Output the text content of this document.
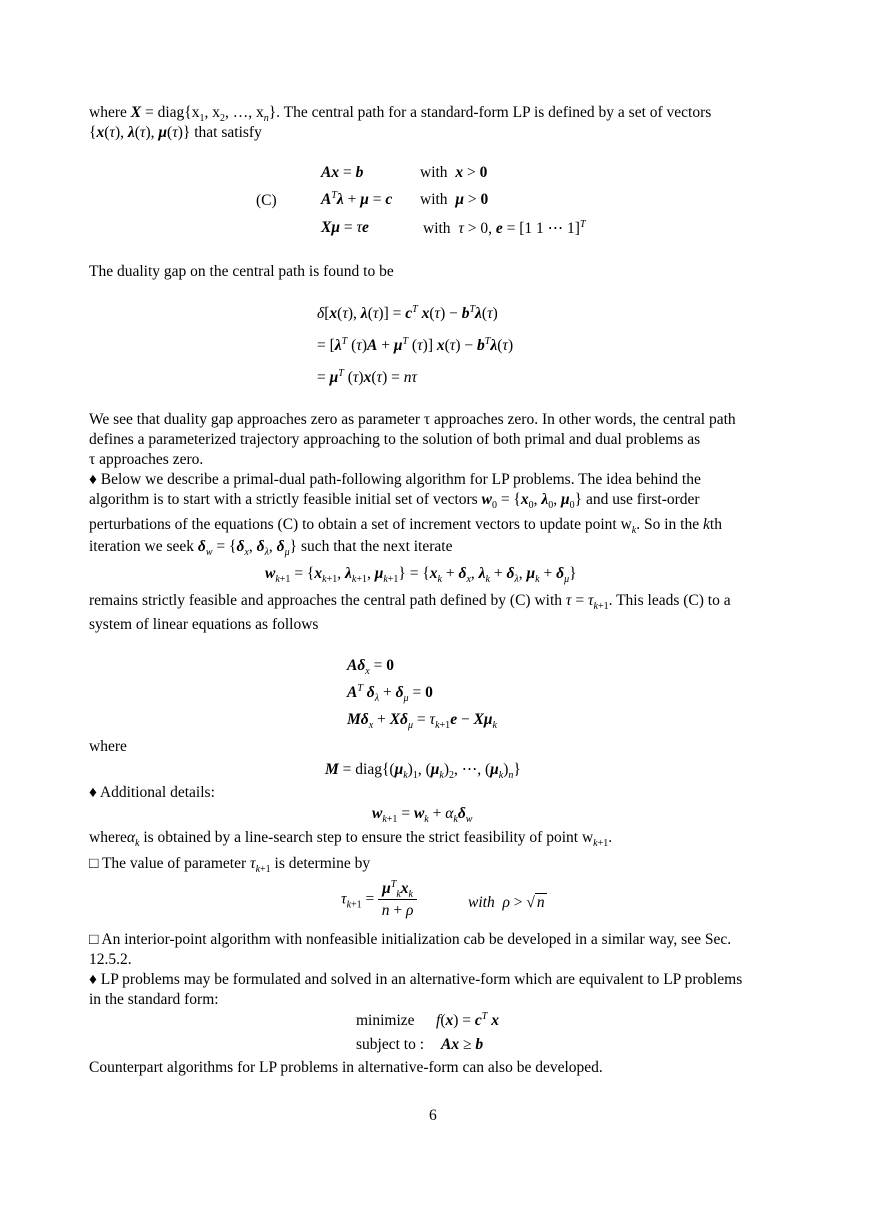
where $X = diag\{x_1$, $x_2$, …, $x_n$}. The central path for a standard-form LP is defined by a set of vectors
{x(τ), λ(τ), μ(τ)} that satisfy
(C)
Ax = b	with  x > 0
$A^T\lambda + \mu = c$ with  μ > 0
Xμ = τe	with  τ > 0, e = [1 1 ⋯ 1]$^T$
The duality gap on the central path is found to be
δ[x(τ), $\lambda(\tau)] = c^T$ $x(\tau) - b^T\lambda(\tau)$
= [$\lambda^T$ $(\tau)A + \mu^T$ (τ)] $x(\tau) - b^T\lambda(\tau)$
= $\mu^T$ (τ)x(τ) = nτ
We see that duality gap approaches zero as parameter τ approaches zero. In other words, the central path
defines a parameterized trajectory approaching to the solution of both primal and dual problems as
τ approaches zero.
♦ Below we describe a primal-dual path-following algorithm for LP problems. The idea behind the
algorithm is to start with a strictly feasible initial set of vectors $w_0 = \{x_0$, $\lambda_0$, $\mu_0$} and use first-order
perturbations of the equations (C) to obtain a set of increment vectors to update point $w_k$. So in the kth
iteration we seek $\delta_w = \{\delta_x$, $\delta_\lambda$, $\delta_\mu$} such that the next iterate
$w_{k+1} = \{x_{k+1}$, $\lambda_{k+1}$, $\mu_{k+1}\} = \{x_k + \delta_x$, $\lambda_k + \delta_\lambda$, $\mu_k + \delta_\mu$}
remains strictly feasible and approaches the central path defined by (C) with $\tau = \tau_{k+1}$. This leads (C) to a
system of linear equations as follows
$A\delta_x = 0$
$A^T$ $\delta_\lambda + \delta_\mu = 0$
$M\delta_x + X\delta_\mu = \tau_{k+1}e - X\mu_k$
where
$M = diag\{(\mu_k)_1$, $(\mu_k)_2$, ⋯, $(\mu_k)_n$}
♦ Additional details:
$w_{k+1} = w_k + \alpha_k\delta_w$
whereα$_k$ is obtained by a line-search step to ensure the strict feasibility of point $w_{k+1}$.
□ The value of parameter $\tau_{k+1}$ is determine by
$\tau_{k+1} = \frac{\mu^T_kx_k}{n + \rho}$	with ρ > √ n
□ An interior-point algorithm with nonfeasible initialization cab be developed in a similar way, see Sec.
12.5.2.
♦ LP problems may be formulated and solved in an alternative-form which are equivalent to LP problems
in the standard form:
minimize $f(x) = c^T$ x
subject to : Ax ≥ b
Counterpart algorithms for LP problems in alternative-form can also be developed.
6
